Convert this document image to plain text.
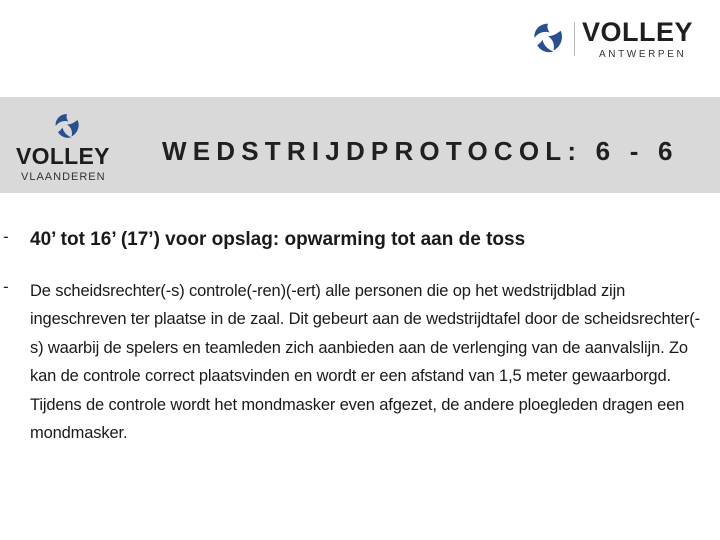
VOLLEY
ANTWERPEN
VOLLEY
VLAANDEREN
WEDSTRIJDPROTOCOL: 6 - 6
- 40’ tot 16’ (17’) voor opslag: opwarming tot aan de toss
- De scheidsrechter(-s) controle(-ren)(-ert) alle personen die op het wedstrijdblad zijn ingeschreven ter plaatse in de zaal. Dit gebeurt aan de wedstrijdtafel door de scheidsrechter(-s) waarbij de spelers en teamleden zich aanbieden aan de verlenging van de aanvalslijn. Zo kan de controle correct plaatsvinden en wordt er een afstand van 1,5 meter gewaarborgd. Tijdens de controle wordt het mondmasker even afgezet, de andere ploegleden dragen een mondmasker.
